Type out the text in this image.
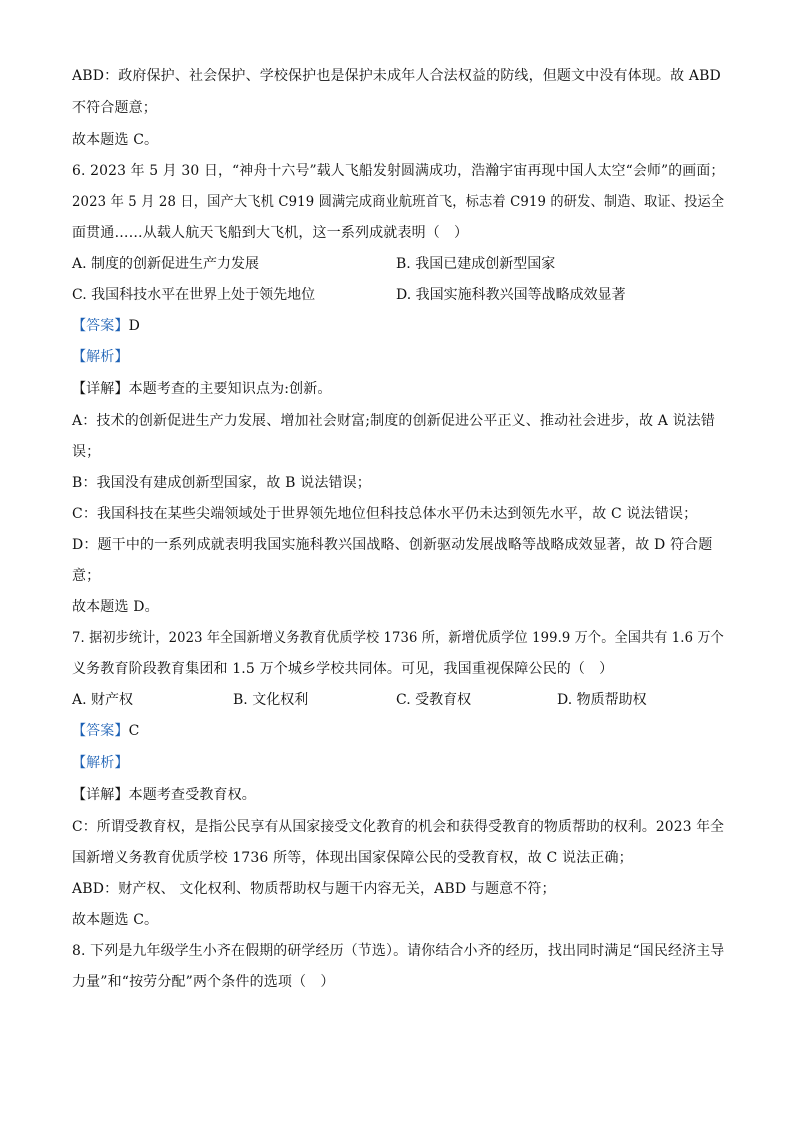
ABD：政府保护、社会保护、学校保护也是保护未成年人合法权益的防线，但题文中没有体现。故 ABD
不符合题意；
故本题选 C。
6. 2023 年 5 月 30 日，“神舟十六号”载人飞船发射圆满成功，浩瀚宇宙再现中国人太空“会师”的画面；
2023 年 5 月 28 日，国产大飞机 C919 圆满完成商业航班首飞，标志着 C919 的研发、制造、取证、投运全
面贯通……从载人航天飞船到大飞机，这一系列成就表明（　）
A. 制度的创新促进生产力发展	B. 我国已建成创新型国家
C. 我国科技水平在世界上处于领先地位	D. 我国实施科教兴国等战略成效显著
【答案】D
【解析】
【详解】本题考查的主要知识点为:创新。
A：技术的创新促进生产力发展、增加社会财富;制度的创新促进公平正义、推动社会进步，故 A 说法错
误；
B：我国没有建成创新型国家，故 B 说法错误；
C：我国科技在某些尖端领域处于世界领先地位但科技总体水平仍未达到领先水平，故 C 说法错误；
D：题干中的一系列成就表明我国实施科教兴国战略、创新驱动发展战略等战略成效显著，故 D 符合题
意；
故本题选 D。
7. 据初步统计，2023 年全国新增义务教育优质学校 1736 所，新增优质学位 199.9 万个。全国共有 1.6 万个
义务教育阶段教育集团和 1.5 万个城乡学校共同体。可见，我国重视保障公民的（　）
A. 财产权	B. 文化权利	C. 受教育权	D. 物质帮助权
【答案】C
【解析】
【详解】本题考查受教育权。
C：所谓受教育权，是指公民享有从国家接受文化教育的机会和获得受教育的物质帮助的权利。2023 年全
国新增义务教育优质学校 1736 所等，体现出国家保障公民的受教育权，故 C 说法正确；
ABD：财产权、 文化权利、物质帮助权与题干内容无关，ABD 与题意不符；
故本题选 C。
8. 下列是九年级学生小齐在假期的研学经历（节选）。请你结合小齐的经历，找出同时满足“国民经济主导
力量”和“按劳分配”两个条件的选项（　）
